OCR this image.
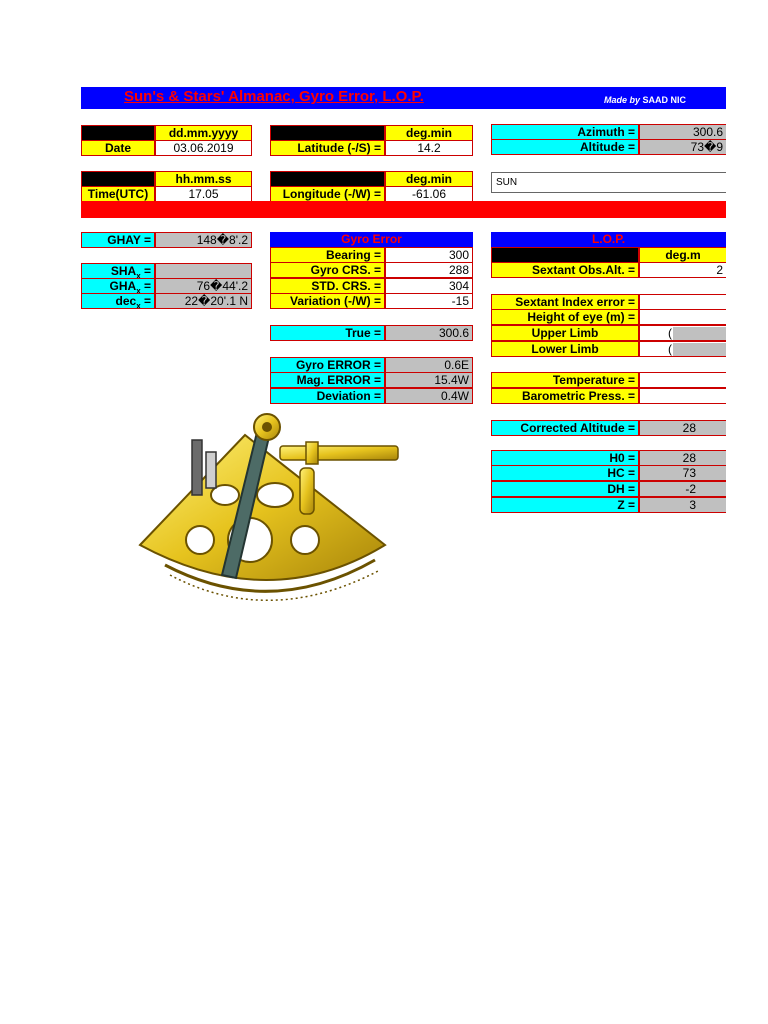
Sun's & Stars' Almanac, Gyro Error, L.O.P.	Made by SAAD NIC
dd.mm.yyyy
Date	03.06.2019
hh.mm.ss
Time(UTC)	17.05
deg.min
Latitude (-/S) =	14.2
deg.min
Longitude (-/W) =	-61.06
Azimuth =	300.6
Altitude =	73�9
SUN
GHAY =	148�8'.2
$SHA_x$ =
$GHA_x$ =	76�44'.2
dec$_x$ =	22�20'.1 N
Gyro Error
Bearing =	300
Gyro CRS. =	288
STD. CRS. =	304
Variation (-/W) =	-15
True =	300.6
Gyro ERROR =	0.6E
Mag. ERROR =	15.4W
Deviation =	0.4W
L.O.P.
deg.m
Sextant Obs.Alt. =	2
Sextant Index error =
Height of eye (m) =
Upper Limb	(
Lower Limb	(
Temperature =
Barometric Press. =
Corrected Altitude =	28
H0 =	28
HC =	73
DH =	-2
Z =	3
